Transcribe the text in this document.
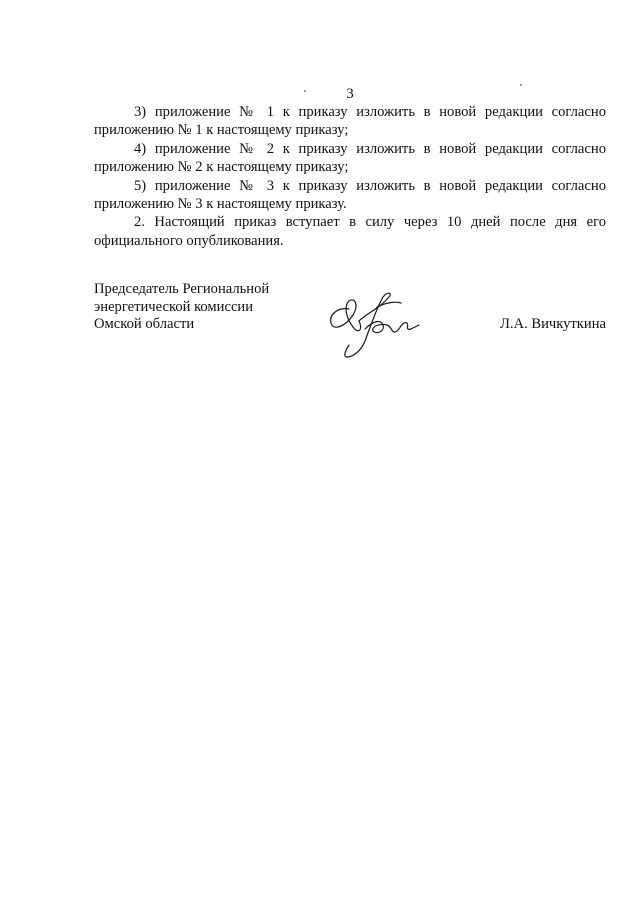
3

3) приложение № 1 к приказу изложить в новой редакции согласно приложению № 1 к настоящему приказу;

4) приложение № 2 к приказу изложить в новой редакции согласно приложению № 2 к настоящему приказу;

5) приложение № 3 к приказу изложить в новой редакции согласно приложению № 3 к настоящему приказу.

2. Настоящий приказ вступает в силу через 10 дней после дня его официального опубликования.

Председатель Региональной
энергетической комиссии
Омской области	Л.А. Вичкуткина
